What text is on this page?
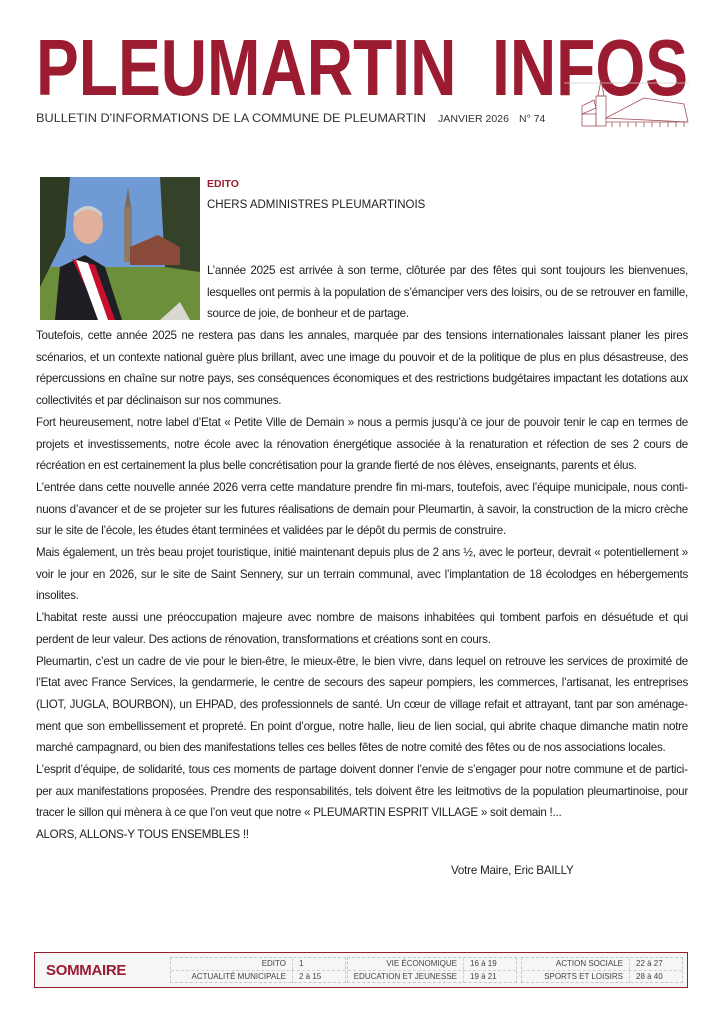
PLEUMARTIN  INFOS
BULLETIN D'INFORMATIONS DE LA COMMUNE DE PLEUMARTIN JANVIER 2026 N° 74
EDITO
CHERS ADMINISTRES PLEUMARTINOIS

L’année 2025 est arrivée à son terme, clôturée par des fêtes qui sont toujours les bienvenues, lesquelles ont permis à la population de s’émanciper vers des loisirs, ou de se retrouver en famille, source de joie, de bonheur et de partage.

Toutefois, cette année 2025 ne restera pas dans les annales, marquée par des tensions internationales laissant planer les pires scénarios, et un contexte national guère plus brillant, avec une image du pouvoir et de la politique de plus en plus désastreuse, des répercussions en chaîne sur notre pays, ses conséquences économiques et des restrictions budgétaires impactant les dotations aux collectivités et par déclinaison sur nos communes.

Fort heureusement, notre label d’Etat « Petite Ville de Demain » nous a permis jusqu’à ce jour de pouvoir tenir le cap en termes de projets et investissements, notre école avec la rénovation énergétique associée à la renaturation et réfection de ses 2 cours de récréation en est certainement la plus belle concrétisation pour la grande fierté de nos élèves, enseignants, parents et élus.

L’entrée dans cette nouvelle année 2026 verra cette mandature prendre fin mi-mars, toutefois, avec l’équipe municipale, nous continuons d’avancer et de se projeter sur les futures réalisations de demain pour Pleumartin, à savoir, la construction de la micro crèche sur le site de l’école, les études étant terminées et validées par le dépôt du permis de construire.

Mais également, un très beau projet touristique, initié maintenant depuis plus de 2 ans ½, avec le porteur, devrait « potentiellement » voir le jour en 2026, sur le site de Saint Sennery, sur un terrain communal, avec l’implantation de 18 écolodges en hébergements insolites.

L’habitat reste aussi une préoccupation majeure avec nombre de maisons inhabitées qui tombent parfois en désuétude et qui perdent de leur valeur. Des actions de rénovation, transformations et créations sont en cours.

Pleumartin, c’est un cadre de vie pour le bien-être, le mieux-être, le bien vivre, dans lequel on retrouve les services de proximité de l’Etat avec France Services, la gendarmerie, le centre de secours des sapeur pompiers, les commerces, l’artisanat, les entreprises (LIOT, JUGLA, BOURBON), un EHPAD, des professionnels de santé. Un cœur de village refait et attrayant, tant par son aménagement que son embellissement et propreté. En point d’orgue, notre halle, lieu de lien social, qui abrite chaque dimanche matin notre marché campagnard, ou bien des manifestations telles ces belles fêtes de notre comité des fêtes ou de nos associations locales.

L’esprit d’équipe, de solidarité, tous ces moments de partage doivent donner l’envie de s’engager pour notre commune et de participer aux manifestations proposées. Prendre des responsabilités, tels doivent être les leitmotivs de la population pleumartinoise, pour tracer le sillon qui mènera à ce que l’on veut que notre « PLEUMARTIN ESPRIT VILLAGE » soit demain !...

ALORS, ALLONS-Y TOUS ENSEMBLES !!

Votre Maire, Eric BAILLY
SOMMAIRE	EDITO	1
ACTUALITÉ MUNICIPALE	2 à 15
VIE ÉCONOMIQUE	16 à 19
EDUCATION ET JEUNESSE	19 à 21
ACTION SOCIALE	22 à 27
SPORTS ET LOISIRS	28 à 40
